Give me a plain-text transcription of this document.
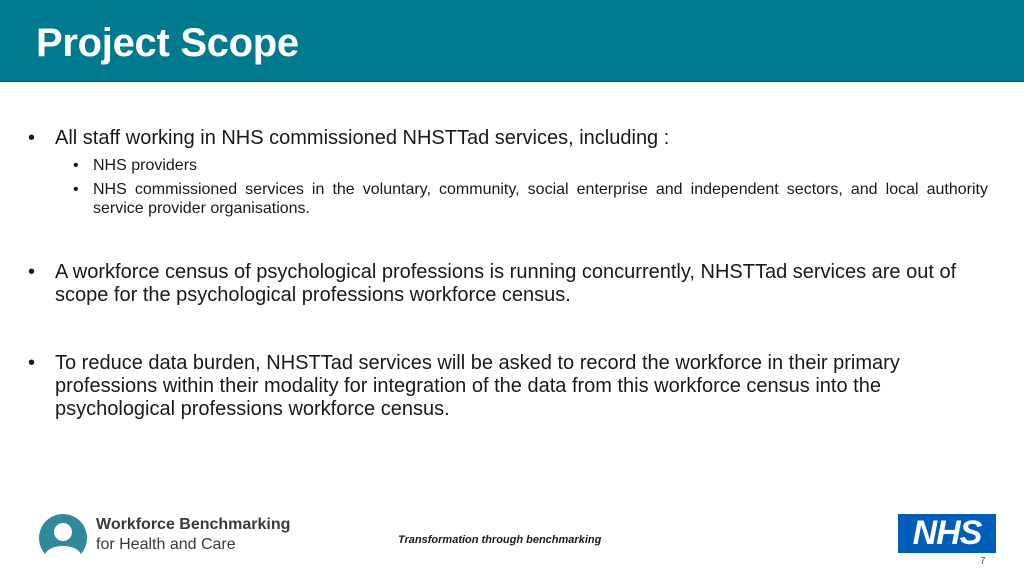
Project Scope
• All staff working in NHS commissioned NHSTTad services, including :
• NHS providers
• NHS commissioned services in the voluntary, community, social enterprise and independent sectors, and local authority service provider organisations.
• A workforce census of psychological professions is running concurrently, NHSTTad services are out of scope for the psychological professions workforce census.
• To reduce data burden, NHSTTad services will be asked to record the workforce in their primary professions within their modality for integration of the data from this workforce census into the psychological professions workforce census.
Workforce Benchmarking
for Health and Care	Transformation through benchmarking	NHS
7
